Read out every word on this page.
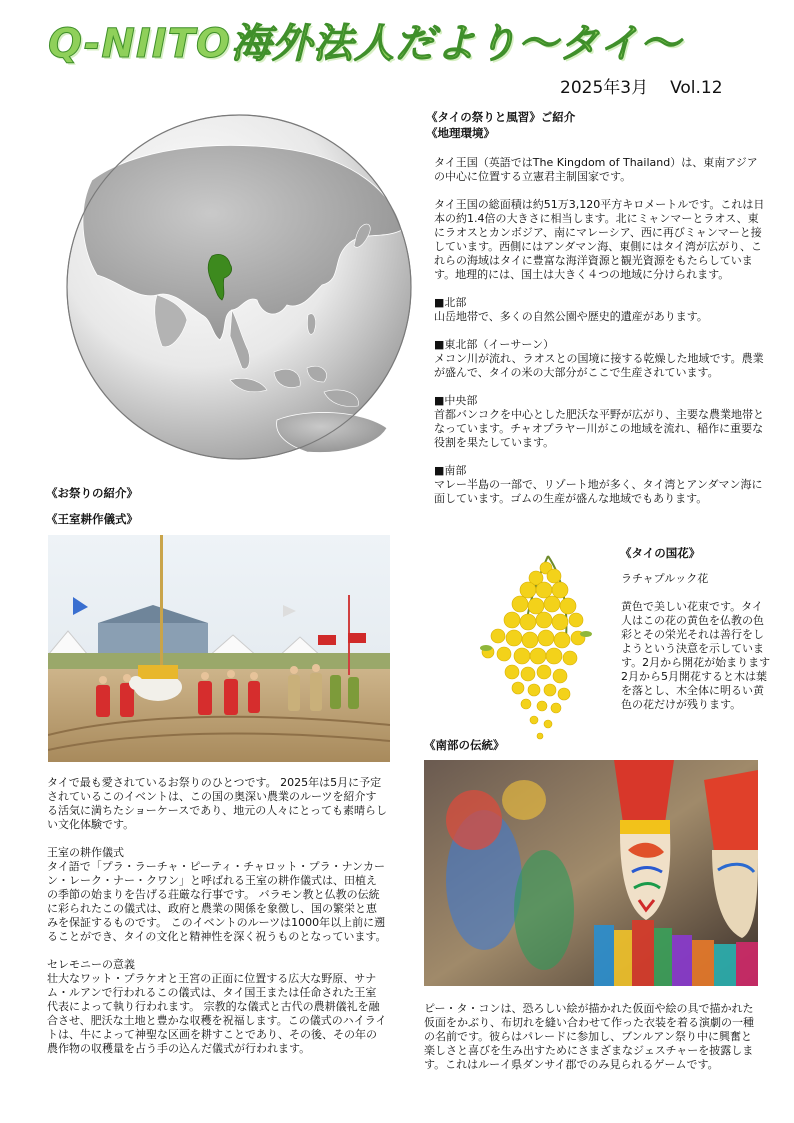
Q-NIITO海外法人だより～タイ～
2025年3月 Vol.12
《タイの祭りと風習》ご紹介
《地理環境》

タイ王国（英語ではThe Kingdom of Thailand）は、東南アジアの中心に位置する立憲君主制国家です。

タイ王国の総面積は約51万3,120平方キロメートルです。これは日本の約1.4倍の大きさに相当します。北にミャンマーとラオス、東にラオスとカンボジア、南にマレーシア、西に再びミャンマーと接しています。西側にはアンダマン海、東側にはタイ湾が広がり、これらの海域はタイに豊富な海洋資源と観光資源をもたらしています。地理的には、国土は大きく４つの地域に分けられます。

■北部

山岳地帯で、多くの自然公園や歴史的遺産があります。

■東北部（イーサーン）

メコン川が流れ、ラオスとの国境に接する乾燥した地域です。農業が盛んで、タイの米の大部分がここで生産されています。

■中央部

首都バンコクを中心とした肥沃な平野が広がり、主要な農業地帯となっています。チャオプラヤー川がこの地域を流れ、稲作に重要な役割を果たしています。

■南部

マレー半島の一部で、リゾート地が多く、タイ湾とアンダマン海に面しています。ゴムの生産が盛んな地域でもあります。

《お祭りの紹介》
《王室耕作儀式》

タイで最も愛されているお祭りのひとつです。 2025年は5月に予定されているこのイベントは、この国の奥深い農業のルーツを紹介する活気に満ちたショーケースであり、地元の人々にとっても素晴らしい文化体験です。

王室の耕作儀式

タイ語で「プラ・ラーチャ・ピーティ・チャロット・プラ・ナンカーン・レーク・ナー・クワン」と呼ばれる王室の耕作儀式は、田植えの季節の始まりを告げる荘厳な行事です。 バラモン教と仏教の伝統に彩られたこの儀式は、政府と農業の関係を象徴し、国の繁栄と恵みを保証するものです。 このイベントのルーツは1000年以上前に遡ることができ、タイの文化と精神性を深く祝うものとなっています。

セレモニーの意義

壮大なワット・プラケオと王宮の正面に位置する広大な野原、サナム・ルアンで行われるこの儀式は、タイ国王または任命された王室代表によって執り行われます。 宗教的な儀式と古代の農耕儀礼を融合させ、肥沃な土地と豊かな収穫を祝福します。この儀式のハイライトは、牛によって神聖な区画を耕すことであり、その後、その年の農作物の収穫量を占う手の込んだ儀式が行われます。

《タイの国花》

ラチャプルック花

黄色で美しい花束です。タイ人はこの花の黄色を仏教の色彩とその栄光それは善行をしようという決意を示しています。2月から開花が始まります2月から5月開花すると木は葉を落とし、木全体に明るい黄色の花だけが残ります。

《南部の伝統》

ピー・タ・コンは、恐ろしい絵が描かれた仮面や絵の具で描かれた仮面をかぶり、布切れを縫い合わせて作った衣装を着る演劇の一種の名前です。彼らはパレードに参加し、ブンルアン祭り中に興奮と楽しさと喜びを生み出すためにさまざまなジェスチャーを披露します。これはルーイ県ダンサイ郡でのみ見られるゲームです。
